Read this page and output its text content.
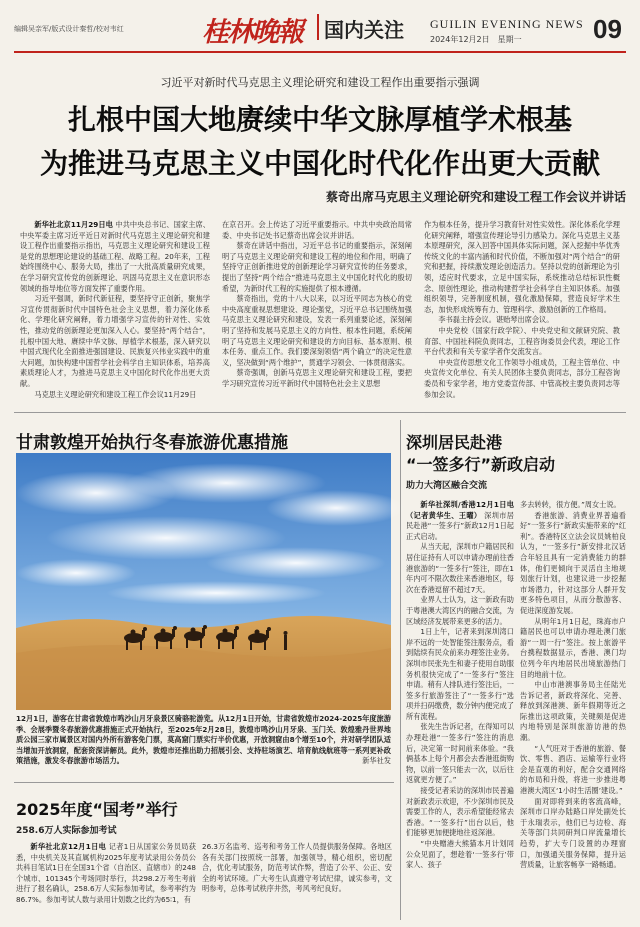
编辑吴亲军/版式设计秦哲/校对韦红	桂林晚報	国内关注 GUILIN EVENING NEWS
2024年12月2日　星期一	09
习近平对新时代马克思主义理论研究和建设工程作出重要指示强调
扎根中国大地赓续中华文脉厚植学术根基
为推进马克思主义中国化时代化作出更大贡献
蔡奇出席马克思主义理论研究和建设工程工作会议并讲话

新华社北京11月29日电 中共中央总书记、国家主席、中央军委主席习近平近日对新时代马克思主义理论研究和建设工程作出重要指示指出，马克思主义理论研究和建设工程是党的思想理论建设的基础工程、战略工程。20年来，工程始终围绕中心、服务大局，推出了一大批高质量研究成果，在学习研究宣传党的创新理论、巩固马克思主义在意识形态领域的指导地位等方面发挥了重要作用。

习近平强调，新时代新征程，要坚持守正创新，聚焦学习宣传贯彻新时代中国特色社会主义思想，着力深化体系化、学理化研究阐释，着力增强学习宣传的针对性、实效性，推动党的创新理论更加深入人心。要坚持“两个结合”，扎根中国大地、赓续中华文脉、厚植学术根基，深入研究以中国式现代化全面推进强国建设、民族复兴伟业实践中的重大问题，加快构建中国哲学社会科学自主知识体系，培养高素质理论人才，为推进马克思主义中国化时代化作出更大贡献。

马克思主义理论研究和建设工程工作会议11月29日

在京召开。会上传达了习近平重要指示。中共中央政治局常委、中央书记处书记蔡奇出席会议并讲话。

蔡奇在讲话中指出，习近平总书记的重要指示，深刻阐明了马克思主义理论研究和建设工程的地位和作用，明确了坚持守正创新推进党的创新理论学习研究宣传的任务要求，提出了坚持“两个结合”推进马克思主义中国化时代化的殷切希望，为新时代工程的实施提供了根本遵循。

蔡奇指出，党的十八大以来，以习近平同志为核心的党中央高度重视思想建设、理论强党，习近平总书记围绕加强马克思主义理论研究和建设，发表一系列重要论述，深刻阐明了坚持和发展马克思主义的方向性、根本性问题，系统阐明了马克思主义理论研究和建设的方向目标、基本原则、根本任务、重点工作。我们要深刻领悟“两个确立”的决定性意义，坚决做到“两个维护”，贯通学习领会、一体贯彻落实。

蔡奇强调，创新马克思主义理论研究和建设工程，要把学习研究宣传习近平新时代中国特色社会主义思想

作为根本任务，提升学习教育针对性实效性。深化体系化学理化研究阐释，增强宣传理论导引力感染力。深化马克思主义基本原理研究，深入回答中国具体实际问题，深入挖掘中华优秀传统文化的丰富内涵和时代价值，不断加强对“两个结合”的研究和把握，持续激发理论创造活力。坚持以党的创新理论为引领，适应时代要求，立足中国实际，系统推动总结标识性概念、原创性理论，推动构建哲学社会科学自主知识体系。加强组织领导，完善制度机制，强化激励保障，营造良好学术生态，加快形成统筹有力、管理科学、激励创新的工作格局。

李书磊主持会议。谌贻琴出席会议。

中央党校（国家行政学院）、中央党史和文献研究院、教育部、中国社科院负责同志，工程咨询委员会代表，理论工作平台代表和有关专家学者作交流发言。

中央宣传思想文化工作领导小组成员，工程主管单位、中央宣传文化单位、有关人民团体主要负责同志，部分工程咨询委员和专家学者，地方党委宣传部、中管高校主要负责同志等参加会议。

甘肃敦煌开始执行冬春旅游优惠措施
12月1日，游客在甘肃省敦煌市鸣沙山月牙泉景区骑骆驼游览。从12月1日开始，甘肃省敦煌市2024-2025年度旅游季、会展季暨冬春旅游优惠措施正式开始执行，至2025年2月28日，敦煌市鸣沙山月牙泉、玉门关、敦煌雅丹世界地质公园三家市属景区对国内外所有游客免门票，莫高窟门票实行半价优惠，开放洞窟由8个增至10个，并对研学团队适当增加开放洞窟，配套资深讲解员。此外，敦煌市还推出助力招展引会、支持驻场演艺、培育航线航班等一系列更补政策措施，激发冬春旅游市场活力。	新华社发
2025年度“国考”举行
258.6万人实际参加考试

新华社北京12月1日电 记者1日从国家公务员局获悉，中央机关及其直属机构2025年度考试录用公务员公共科目笔试1日在全国31个省（自治区、直辖市）的248个城市、101345个考场同时举行，共298.2万考生考前进行了报名确认，258.6万人实际参加考试，参考率约为86.7%。参加考试人数与录用计划数之比约为65∶1，有

26.3万名监考、巡考和考务工作人员提供服务保障。各地区各有关部门按照统一部署，加强领导，精心组织，密切配合，优化考试服务，防范考试作弊，营造了公平、公正、安全的考试环境。广大考生认真遵守考试纪律，诚实参考，文明参考，总体考试秩序井然，考风考纪良好。

深圳居民赴港
“一签多行”新政启动
助力大湾区融合交流

新华社深圳/香港12月1日电（记者黄华生、王曜） 深圳市居民赴港“一签多行”新政12月1日起正式启动。

从当天起，深圳市户籍居民和居住证持有人可以申请办理前往香港旅游的“一签多行”签注，即在1年内可不限次数往来香港地区，每次在香港逗留不超过7天。

业界人士认为，这一新政有助于粤港澳大湾区内的融合交流，为区域经济发展带来更多的活力。

1日上午，记者来到深圳湾口岸不远的一处智能签注服务点，看到陆续有民众前来办理签注业务。深圳市民张先生和妻子使用自助服务机很快完成了“一签多行”签注申请。稍有人排队进行签注后，一签多行旅游签注了“一签多行”选项并扫码缴费，数分钟内便完成了所有流程。

张先生告诉记者，在得知可以办理赴港“一签多行”签注的消息后，决定第一时间前来体验。“我俩基本上每个月都会去香港逛街购物，以前一签只能去一次，以后往返就更方便了。”

接受记者采访的深圳市民普遍对新政表示欢迎，不少深圳市民及需要工作的人，表示希望能经常去香港。“一签多行”出台以后，他们能够更加便捷地往返深港。

“中央赠港大熊猫本月计划同公众见面了，想趁着‘一签多行’带家人、孩子

多去转转，很方便。”周女士说。

香港旅游、消费业界普遍看好“一签多行”新政实施带来的“红利”。香港特区立法会议员姚柏良认为，“一签多行”新安排北汉话合年轻且具有一定消费能力的群体，他们更倾向于灵活自主地规划旅行计划，也建议进一步挖掘市场潜力，针对这部分人群开发更多特色项目，从而分散游客、促进深度游发展。

从明年1月1日起，珠海市户籍居民也可以申请办理赴澳门旅游“一周一行”签注。按上旅游平台携程数据显示，香港、澳门均位列今年内地居民出境旅游热门目的地前十位。

中山市港澳事务局主任陆光告诉记者，新政将深化、完善、释放到深港澳、新年假期等近之际推出这项政策，关键频是促进内地特别是深圳旅游访港的热潮。

“人气旺对于香港的旅游、餐饮、零售、酒店、运输等行业将会是直观的利好，配合交通网络的布局和升级，将进一步推进粤港澳大湾区‘1小时生活圈’建设。”

面对即将到来的客流高峰，深圳市口岸办陆路口岸处副处长于永瑞表示，他们已与边检、海关等部门共同研判口岸流量增长趋势，扩大专门设置的办理窗口，加强通关服务保障，提升运营质量，让旅客畅享一路畅通。
